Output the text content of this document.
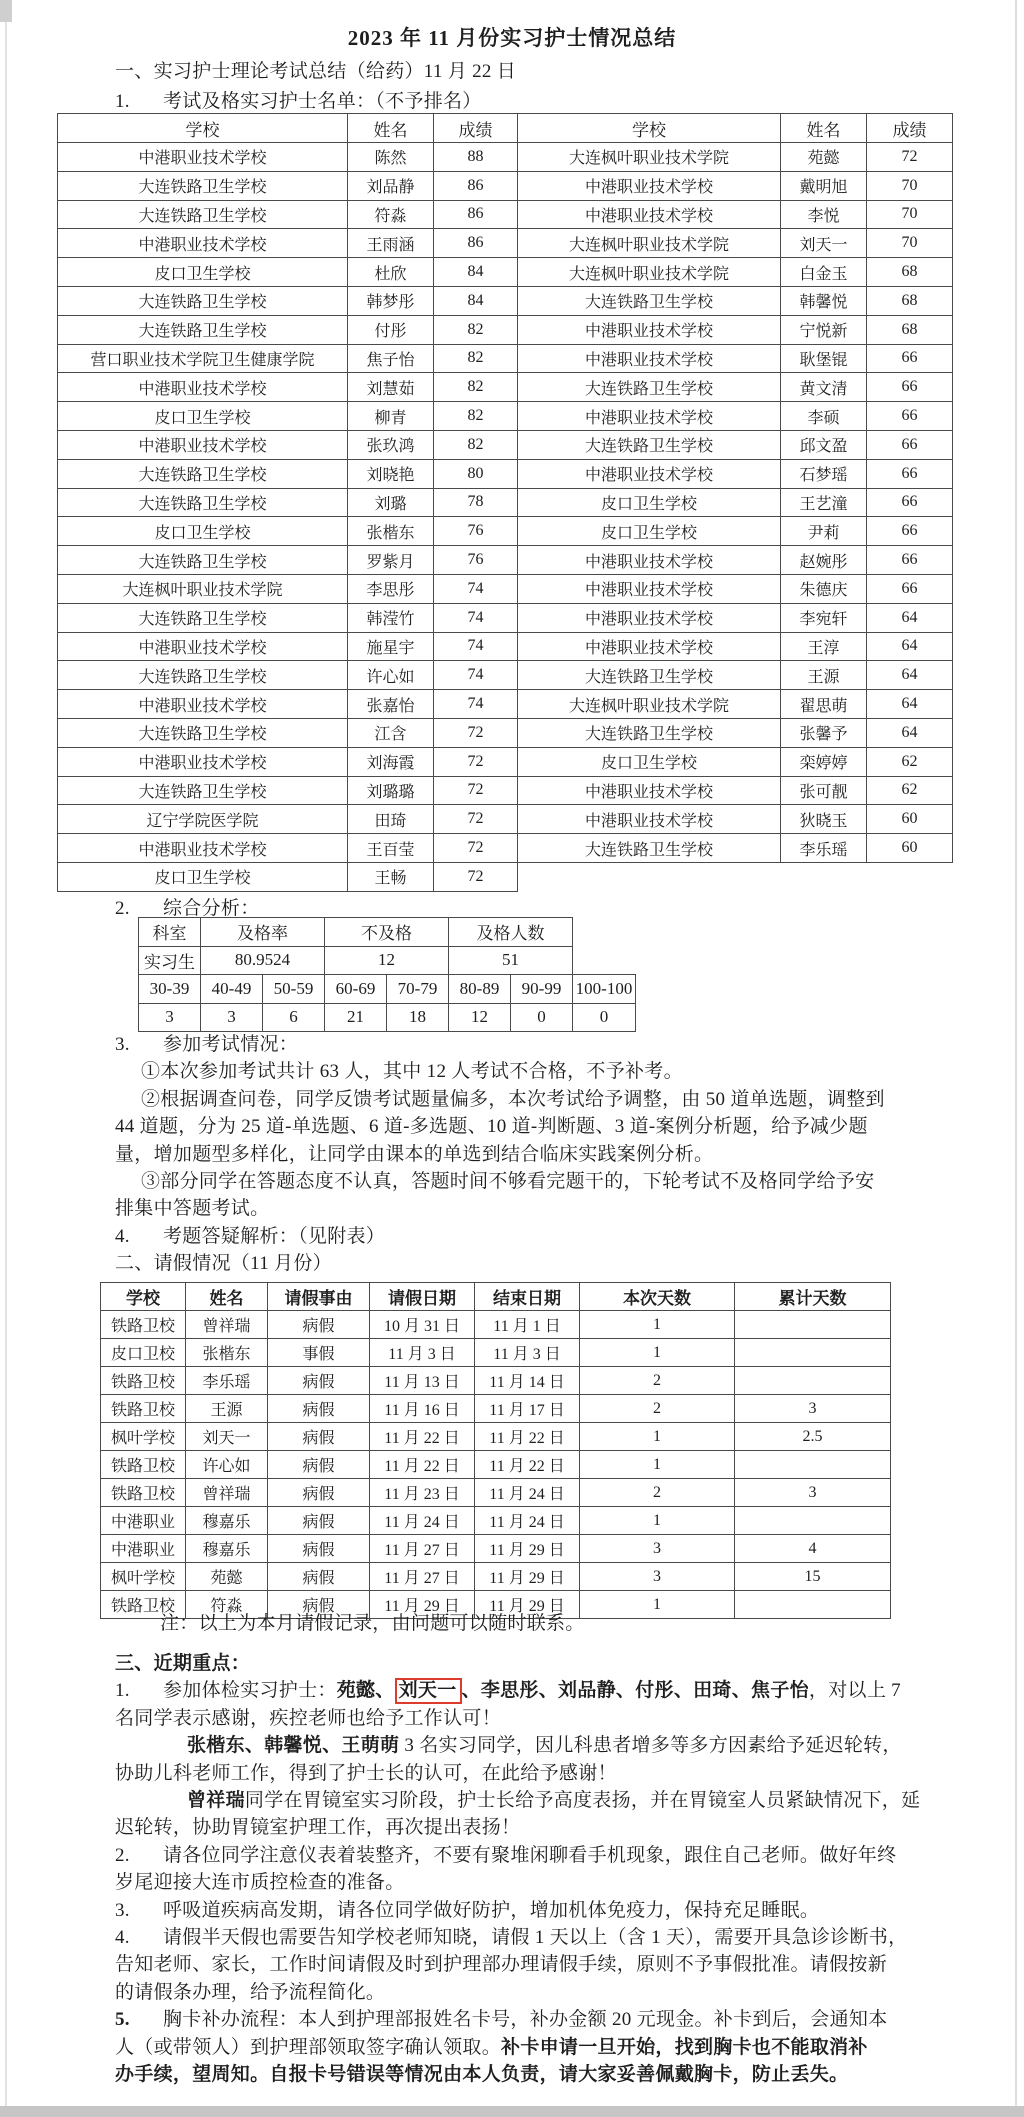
2023 年 11 月份实习护士情况总结
一、实习护士理论考试总结（给药）11 月 22 日
1. 考试及格实习护士名单：（不予排名）
学校	姓名	成绩	学校	姓名	成绩
中港职业技术学校	陈然	88	大连枫叶职业技术学院	苑懿	72
大连铁路卫生学校	刘品静	86	中港职业技术学校	戴明旭	70
大连铁路卫生学校	符淼	86	中港职业技术学校	李悦	70
中港职业技术学校	王雨涵	86	大连枫叶职业技术学院	刘天一	70
皮口卫生学校	杜欣	84	大连枫叶职业技术学院	白金玉	68
大连铁路卫生学校	韩梦彤	84	大连铁路卫生学校	韩馨悦	68
大连铁路卫生学校	付彤	82	中港职业技术学校	宁悦新	68
营口职业技术学院卫生健康学院	焦子怡	82	中港职业技术学校	耿堡锟	66
中港职业技术学校	刘慧茹	82	大连铁路卫生学校	黄文清	66
皮口卫生学校	柳青	82	中港职业技术学校	李硕	66
中港职业技术学校	张玖鸿	82	大连铁路卫生学校	邱文盈	66
大连铁路卫生学校	刘晓艳	80	中港职业技术学校	石梦瑶	66
大连铁路卫生学校	刘璐	78	皮口卫生学校	王艺潼	66
皮口卫生学校	张楷东	76	皮口卫生学校	尹莉	66
大连铁路卫生学校	罗紫月	76	中港职业技术学校	赵婉彤	66
大连枫叶职业技术学院	李思彤	74	中港职业技术学校	朱德庆	66
大连铁路卫生学校	韩滢竹	74	中港职业技术学校	李宛轩	64
中港职业技术学校	施星宇	74	中港职业技术学校	王淳	64
大连铁路卫生学校	许心如	74	大连铁路卫生学校	王源	64
中港职业技术学校	张嘉怡	74	大连枫叶职业技术学院	翟思萌	64
大连铁路卫生学校	江含	72	大连铁路卫生学校	张馨予	64
中港职业技术学校	刘海霞	72	皮口卫生学校	栾婷婷	62
大连铁路卫生学校	刘璐璐	72	中港职业技术学校	张可靓	62
辽宁学院医学院	田琦	72	中港职业技术学校	狄晓玉	60
中港职业技术学校	王百莹	72	大连铁路卫生学校	李乐瑶	60
皮口卫生学校	王畅	72			
2. 综合分析：
科室	及格率		不及格		及格人数		
实习生	80.9524		12		51		
30-39	40-49	50-59	60-69	70-79	80-89	90-99	100-100
3	3	6	21	18	12	0	0
3. 参加考试情况：
①本次参加考试共计 63 人，其中 12 人考试不合格，不予补考。
②根据调查问卷，同学反馈考试题量偏多，本次考试给予调整，由 50 道单选题，调整到
44 道题，分为 25 道-单选题、6 道-多选题、10 道-判断题、3 道-案例分析题，给予减少题
量，增加题型多样化，让同学由课本的单选到结合临床实践案例分析。
③部分同学在答题态度不认真，答题时间不够看完题干的，下轮考试不及格同学给予安
排集中答题考试。
4. 考题答疑解析：（见附表）
二、请假情况（11 月份）
学校	姓名	请假事由	请假日期	结束日期	本次天数	累计天数
铁路卫校	曾祥瑞	病假	10 月 31 日	11 月 1 日	1	
皮口卫校	张楷东	事假	11 月 3 日	11 月 3 日	1	
铁路卫校	李乐瑶	病假	11 月 13 日	11 月 14 日	2	
铁路卫校	王源	病假	11 月 16 日	11 月 17 日	2	3
枫叶学校	刘天一	病假	11 月 22 日	11 月 22 日	1	2.5
铁路卫校	许心如	病假	11 月 22 日	11 月 22 日	1	
铁路卫校	曾祥瑞	病假	11 月 23 日	11 月 24 日	2	3
中港职业	穆嘉乐	病假	11 月 24 日	11 月 24 日	1	
中港职业	穆嘉乐	病假	11 月 27 日	11 月 29 日	3	4
枫叶学校	苑懿	病假	11 月 27 日	11 月 29 日	3	15
铁路卫校	符淼	病假	11 月 29 日	11 月 29 日	1	
注：以上为本月请假记录，由问题可以随时联系。
三、近期重点：
1. 参加体检实习护士：苑懿、 刘天一 、李思彤、刘品静、付彤、田琦、焦子怡，对以上 7
名同学表示感谢，疾控老师也给予工作认可！
张楷东、韩馨悦、王萌萌 3 名实习同学，因儿科患者增多等多方因素给予延迟轮转，
协助儿科老师工作，得到了护士长的认可，在此给予感谢！
曾祥瑞同学在胃镜室实习阶段，护士长给予高度表扬，并在胃镜室人员紧缺情况下，延
迟轮转，协助胃镜室护理工作，再次提出表扬！
2. 请各位同学注意仪表着装整齐，不要有聚堆闲聊看手机现象，跟住自己老师。做好年终
岁尾迎接大连市质控检查的准备。
3. 呼吸道疾病高发期，请各位同学做好防护，增加机体免疫力，保持充足睡眠。
4. 请假半天假也需要告知学校老师知晓，请假 1 天以上（含 1 天），需要开具急诊诊断书，
告知老师、家长，工作时间请假及时到护理部办理请假手续，原则不予事假批准。请假按新
的请假条办理，给予流程简化。
5. 胸卡补办流程：本人到护理部报姓名卡号，补办金额 20 元现金。补卡到后，会通知本
人（或带领人）到护理部领取签字确认领取。补卡申请一旦开始，找到胸卡也不能取消补
办手续，望周知。自报卡号错误等情况由本人负责，请大家妥善佩戴胸卡，防止丢失。
